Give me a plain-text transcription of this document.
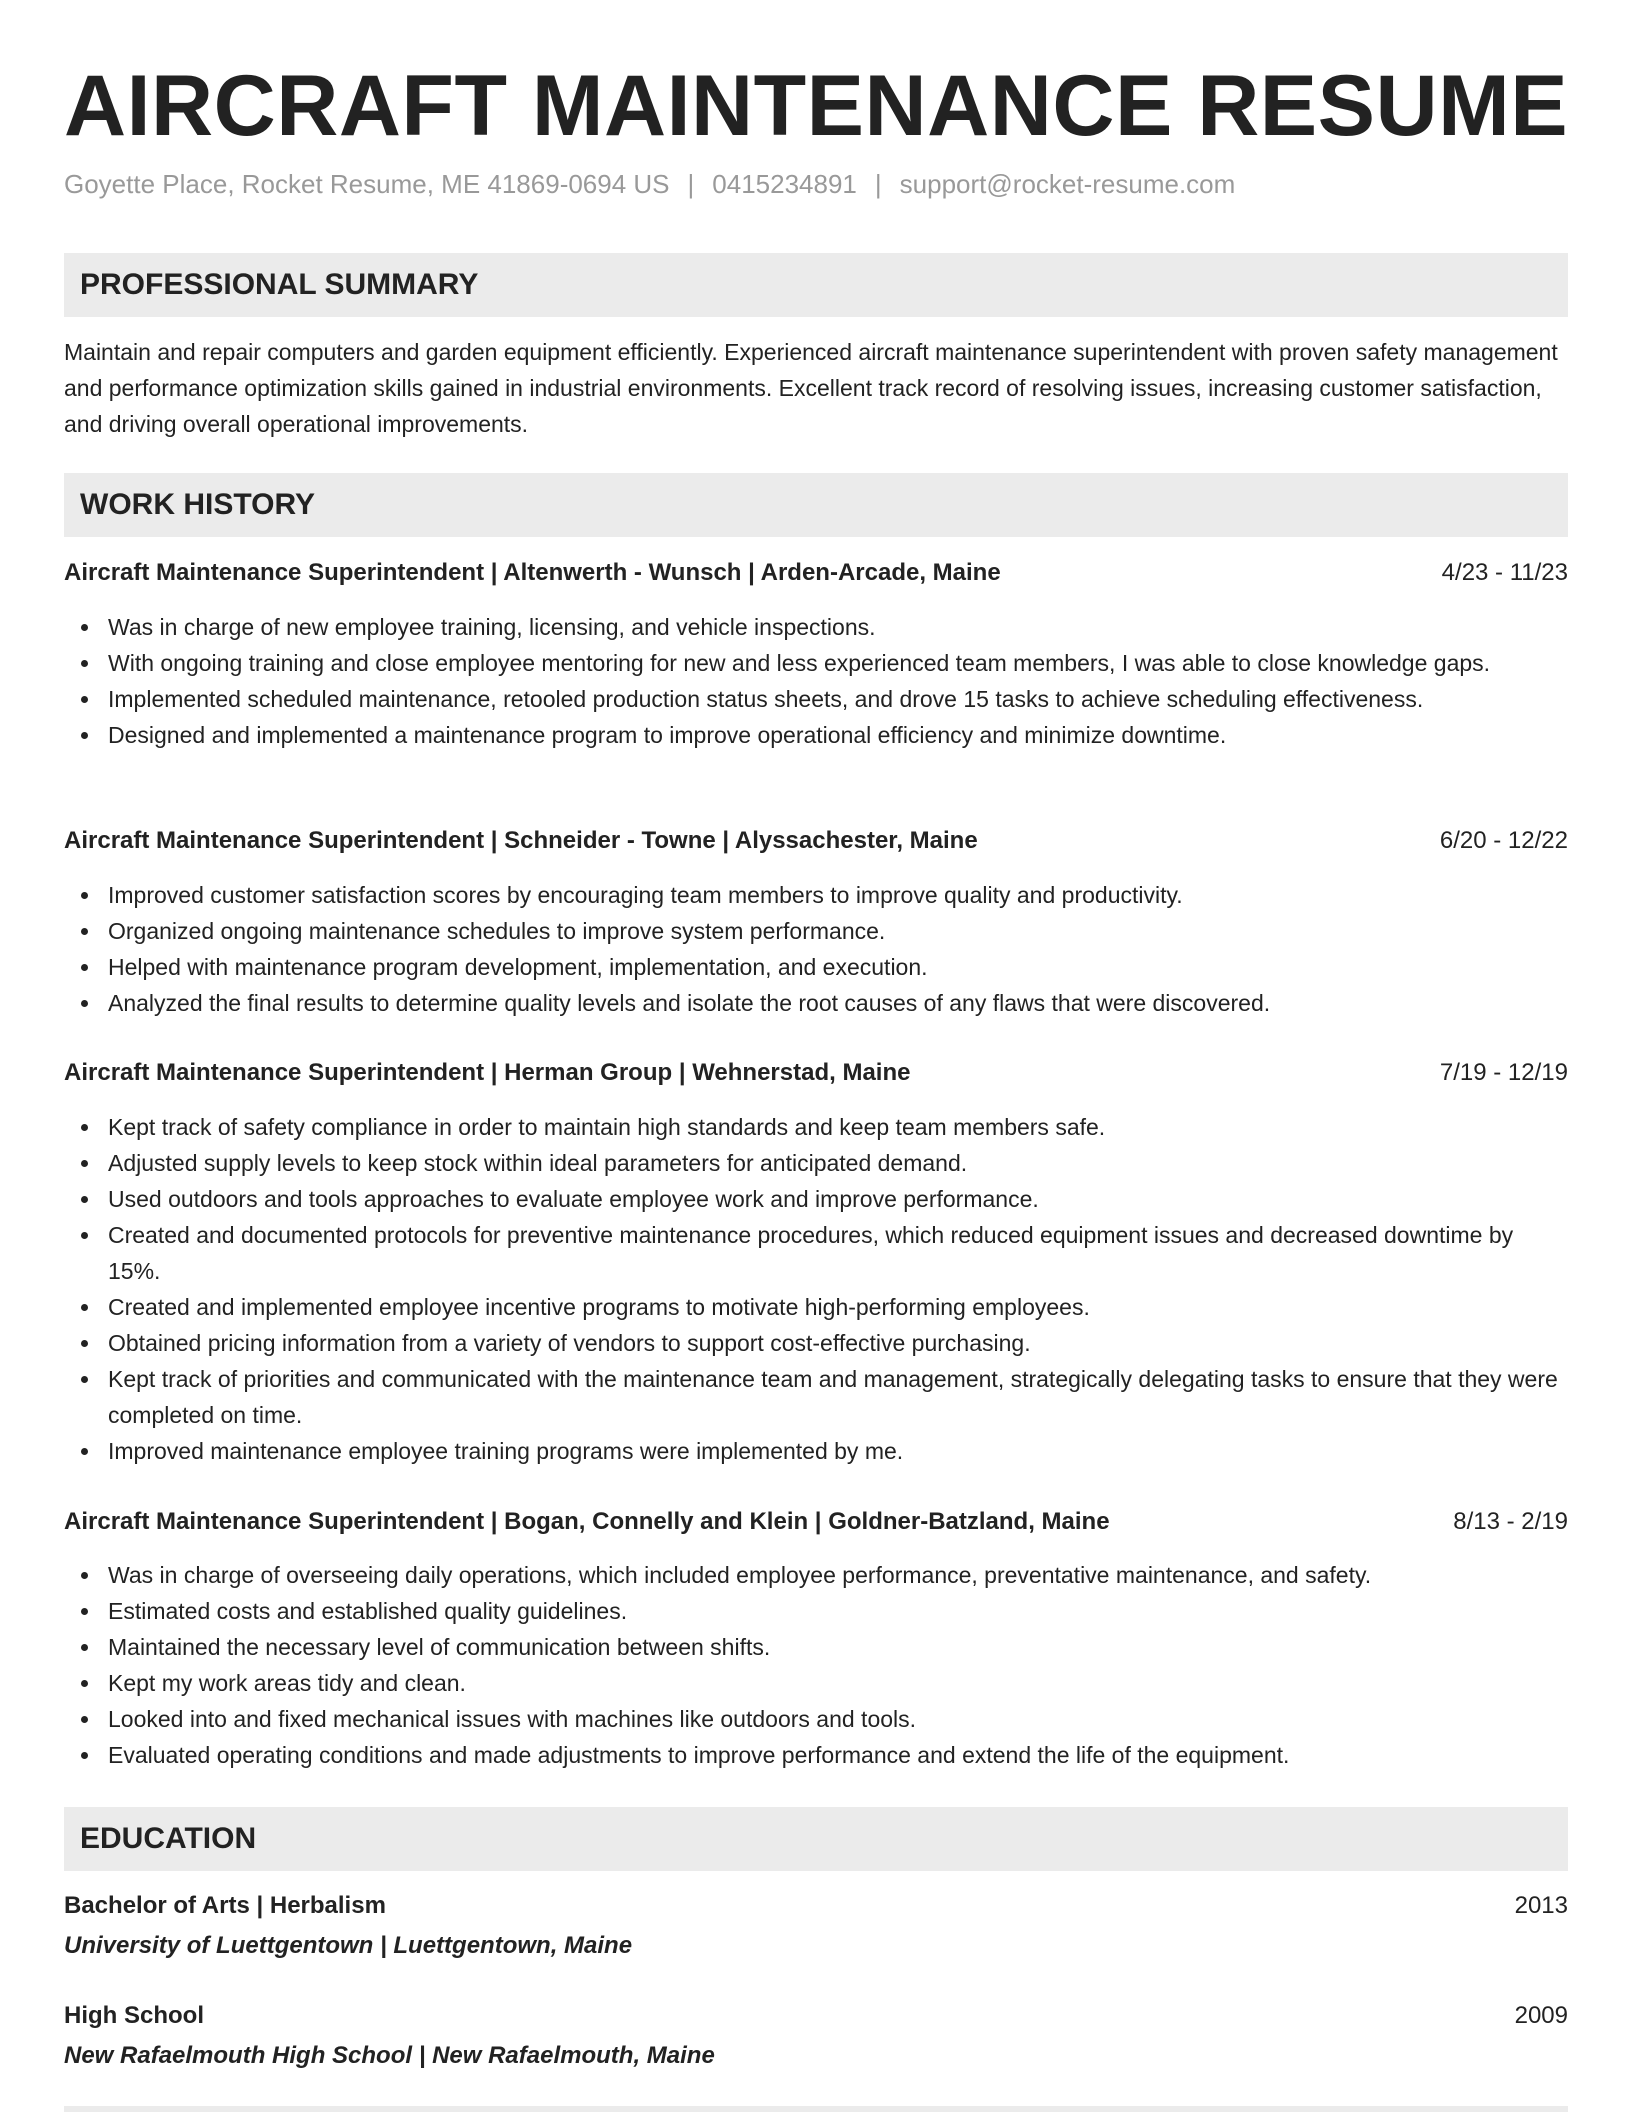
AIRCRAFT MAINTENANCE RESUME
Goyette Place, Rocket Resume, ME 41869-0694 US | 0415234891 | support@rocket-resume.com
PROFESSIONAL SUMMARY

Maintain and repair computers and garden equipment efficiently. Experienced aircraft maintenance superintendent with proven safety management and performance optimization skills gained in industrial environments. Excellent track record of resolving issues, increasing customer satisfaction, and driving overall operational improvements.

WORK HISTORY
Aircraft Maintenance Superintendent | Altenwerth - Wunsch | Arden-Arcade, Maine	4/23 - 11/23
Was in charge of new employee training, licensing, and vehicle inspections.
With ongoing training and close employee mentoring for new and less experienced team members, I was able to close knowledge gaps.
Implemented scheduled maintenance, retooled production status sheets, and drove 15 tasks to achieve scheduling effectiveness.
Designed and implemented a maintenance program to improve operational efficiency and minimize downtime.
Aircraft Maintenance Superintendent | Schneider - Towne | Alyssachester, Maine	6/20 - 12/22
Improved customer satisfaction scores by encouraging team members to improve quality and productivity.
Organized ongoing maintenance schedules to improve system performance.
Helped with maintenance program development, implementation, and execution.
Analyzed the final results to determine quality levels and isolate the root causes of any flaws that were discovered.
Aircraft Maintenance Superintendent | Herman Group | Wehnerstad, Maine	7/19 - 12/19
Kept track of safety compliance in order to maintain high standards and keep team members safe.
Adjusted supply levels to keep stock within ideal parameters for anticipated demand.
Used outdoors and tools approaches to evaluate employee work and improve performance.
Created and documented protocols for preventive maintenance procedures, which reduced equipment issues and decreased downtime by 15%.
Created and implemented employee incentive programs to motivate high-performing employees.
Obtained pricing information from a variety of vendors to support cost-effective purchasing.
Kept track of priorities and communicated with the maintenance team and management, strategically delegating tasks to ensure that they were completed on time.
Improved maintenance employee training programs were implemented by me.
Aircraft Maintenance Superintendent | Bogan, Connelly and Klein | Goldner-Batzland, Maine	8/13 - 2/19
Was in charge of overseeing daily operations, which included employee performance, preventative maintenance, and safety.
Estimated costs and established quality guidelines.
Maintained the necessary level of communication between shifts.
Kept my work areas tidy and clean.
Looked into and fixed mechanical issues with machines like outdoors and tools.
Evaluated operating conditions and made adjustments to improve performance and extend the life of the equipment.
EDUCATION
Bachelor of Arts | Herbalism	2013
University of Luettgentown | Luettgentown, Maine
High School	2009
New Rafaelmouth High School | New Rafaelmouth, Maine
